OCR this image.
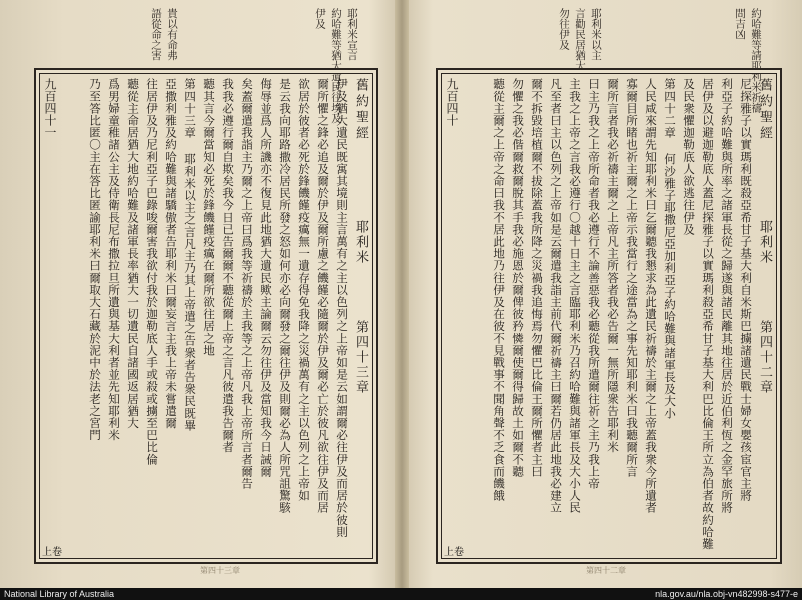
耶利米宣言
約哈難等猶大遺民往埃及
伊及
貴以有命弗
語從命之害
舊約聖經
耶利米
第四十三章
伊及猶大遺民既寓其境則主言萬有之主以色列之上帝如是云如謂爾必往伊及而居於彼則
爾所懼之鋒必追及爾於伊及爾所慮之饑饉必隨爾於伊及爾必亡於彼凡欲往伊及而居
欲居於彼者必死於鋒饑饉疫癘無一遺存得免我降之災禍萬有之主以色列之上帝如
是云我向耶路撒冷居民所發之怒如何亦必向爾發之爾往伊及則爾必為人所咒詛驚駭
侮辱並爲人所譏亦不復見此地猶大遺民歟主論爾云勿往伊及當知我今日誡爾
矣蓋爾遣我詣主乃爾之上帝曰爲我等祈禱於主我等之上帝凡我上帝所言者爾告
我我必遵行爾自欺矣我今日已告爾爾不聽從爾上帝之言凡彼遣我告爾者
聽其言今爾當知必死於鋒饑饉疫癘在爾所欲往居之地
第四十三章 耶利米以主之言凡主乃其上帝遣之告衆者告衆民既畢
亞撒利雅及約哈難與諸驕傲者告耶利米曰爾妄言主我上帝未嘗遣爾
往居伊及乃尼利亞子巴錄唆爾害我欲付我於迦勒底人手或殺或擄至巴比倫
聽從主命居猶大地約哈難及諸軍長率猶大一切遺民自諸國返居猶大
爲男婦童稚諸公主及侍衛長尼布撒拉旦所遺與基大利者並先知耶利米
乃至答比匿〇主在答比匿諭耶利米曰爾取大石藏於泥中於法老之宮門
九百四十一
上卷
第四十三章
約哈難等請耶利米祈禱
問吉凶
耶利米以主
言勸民居猶大
勿往伊及
舊約聖經
耶利米
第四十二章
尼探雅子以實瑪利既殺亞希甘子基大利自米斯巴擄諸遺民戰士婦女嬰孩宦官主將
利亞子約哈難與所率之諸軍長從之歸遂與諸民離其地往居於近伯利恆之金罕旅所將
居伊及以避迦勒底人蓋尼探雅子以實瑪利殺亞希甘子基大利巴比倫王所立為伯者故約哈難
及民衆懼迦勒底人欲逃往伊及
第四十二章 何沙雅子耶撒尼亞加利亞子約哈難與諸軍長及大小
人民咸來謂先知耶利米曰乞爾聽我懇求為此遺民祈禱於主爾之上帝蓋我衆今所遺者
寡爾目所睹也祈主爾之上帝示我當行之途當為之事先知耶利米曰我聽爾所言
爾所言者我必祈禱主爾之上帝凡主所答者我必告爾一無所隱衆告耶利米
曰主乃我之上帝所命者我必遵行不論善惡我必聽從我所遣爾往祈之主乃我上帝
主我之上帝之言我必遵行〇越十日主之言臨耶利米乃召約哈難與諸軍長及大小人民
凡至者曰主以色列之上帝如是云爾遣我詣主前代爾祈禱主曰爾若仍居此地我必建立
爾不拆毀培植爾不拔除蓋我所降之災禍我追悔焉勿懼巴比倫王爾所懼者主曰
勿懼之我必偕爾救爾脫其手我必施恩於爾俾彼矜憐爾使爾得歸故土如爾不聽
聽從主爾之上帝之命曰我不居此地乃往伊及在彼不見戰事不聞角聲不乏食而饑餓
九百四十
上卷
第四十二章
National Library of Australia	nla.gov.au/nla.obj-vn482998-s477-e
